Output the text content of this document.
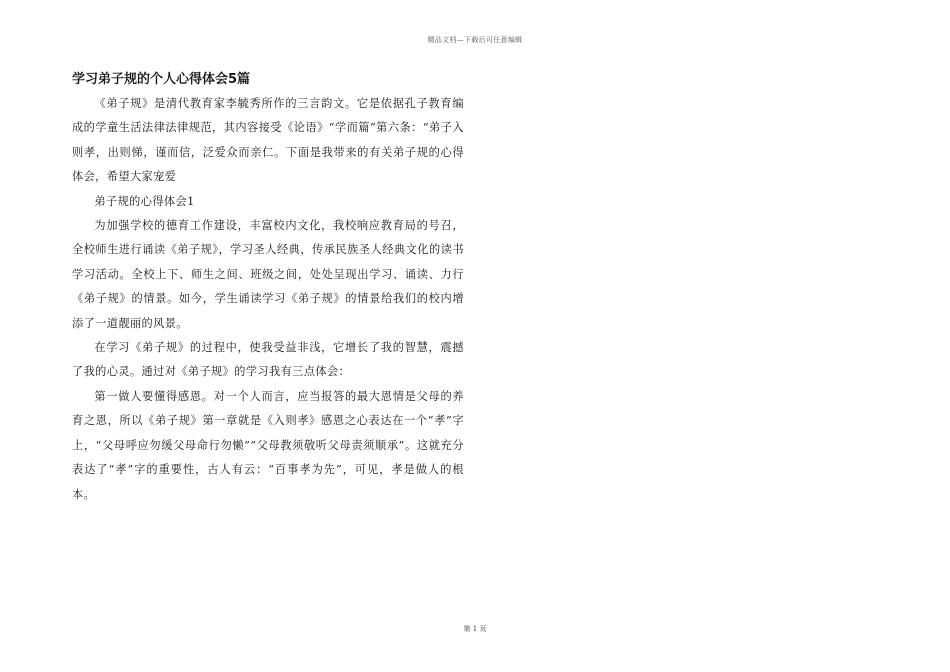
精品文档—下载后可任意编辑
学习弟子规的个人心得体会5篇

《弟子规》是清代教育家李毓秀所作的三言韵文。它是依据孔子教育编成的学童生活法律法律规范，其内容接受《论语》“学而篇”第六条：“弟子入则孝，出则悌，谨而信，泛爱众而亲仁。下面是我带来的有关弟子规的心得体会，希望大家宠爱

弟子规的心得体会1

为加强学校的德育工作建设，丰富校内文化，我校响应教育局的号召，全校师生进行诵读《弟子规》，学习圣人经典，传承民族圣人经典文化的读书学习活动。全校上下、师生之间、班级之间，处处呈现出学习、诵读、力行《弟子规》的情景。如今，学生诵读学习《弟子规》的情景给我们的校内增添了一道靓丽的风景。

在学习《弟子规》的过程中，使我受益非浅，它增长了我的智慧，震撼了我的心灵。通过对《弟子规》的学习我有三点体会：

第一做人要懂得感恩。对一个人而言，应当报答的最大恩情是父母的养育之恩，所以《弟子规》第一章就是《入则孝》感恩之心表达在一个“孝”字上，“父母呼应勿缓父母命行勿懒”“父母教须敬听父母责须顺承”。这就充分表达了“孝”字的重要性，古人有云：“百事孝为先”，可见，孝是做人的根本。

第 1 页
